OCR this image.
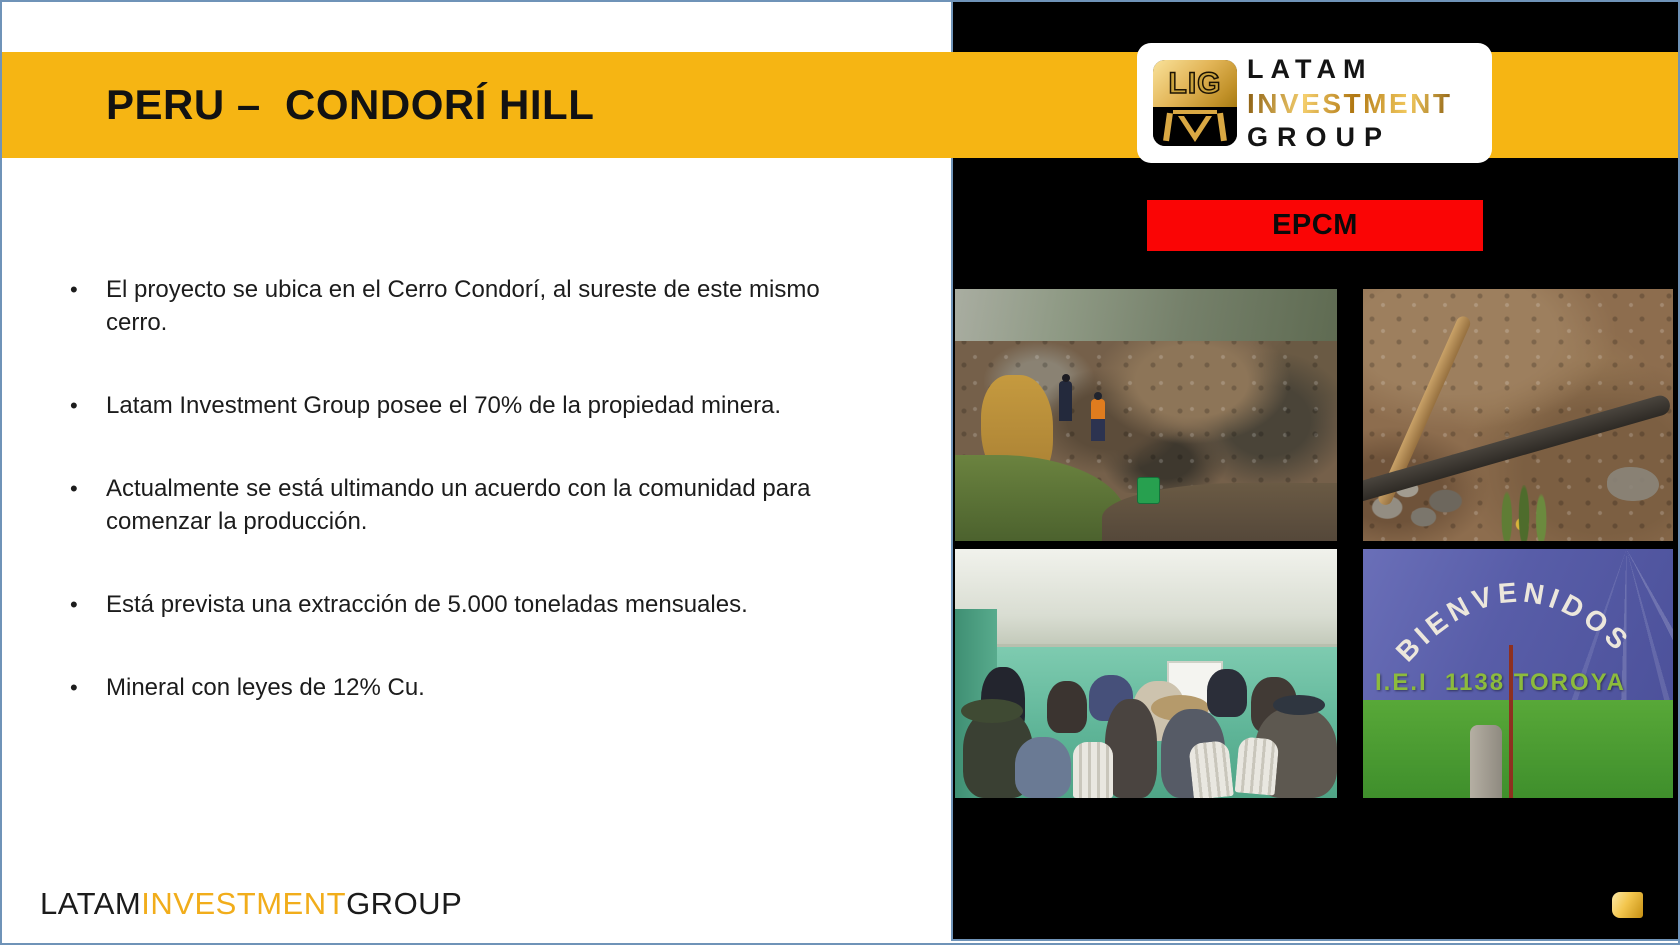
PERU –  CONDORÍ HILL	LIG LATAM
INVESTMENT
GROUP
EPCM
•
El proyecto se ubica en el Cerro Condorí, al sureste de este mismo cerro.
•
Latam Investment Group posee el 70% de la propiedad minera.
•
Actualmente se está ultimando un acuerdo con la comunidad para comenzar la producción.
•
Está prevista una extracción de 5.000 toneladas mensuales.
•
Mineral con leyes de 12% Cu.
BIENVENIDOS
I.E.I  1138 TOROYA
LATAMINVESTMENTGROUP
